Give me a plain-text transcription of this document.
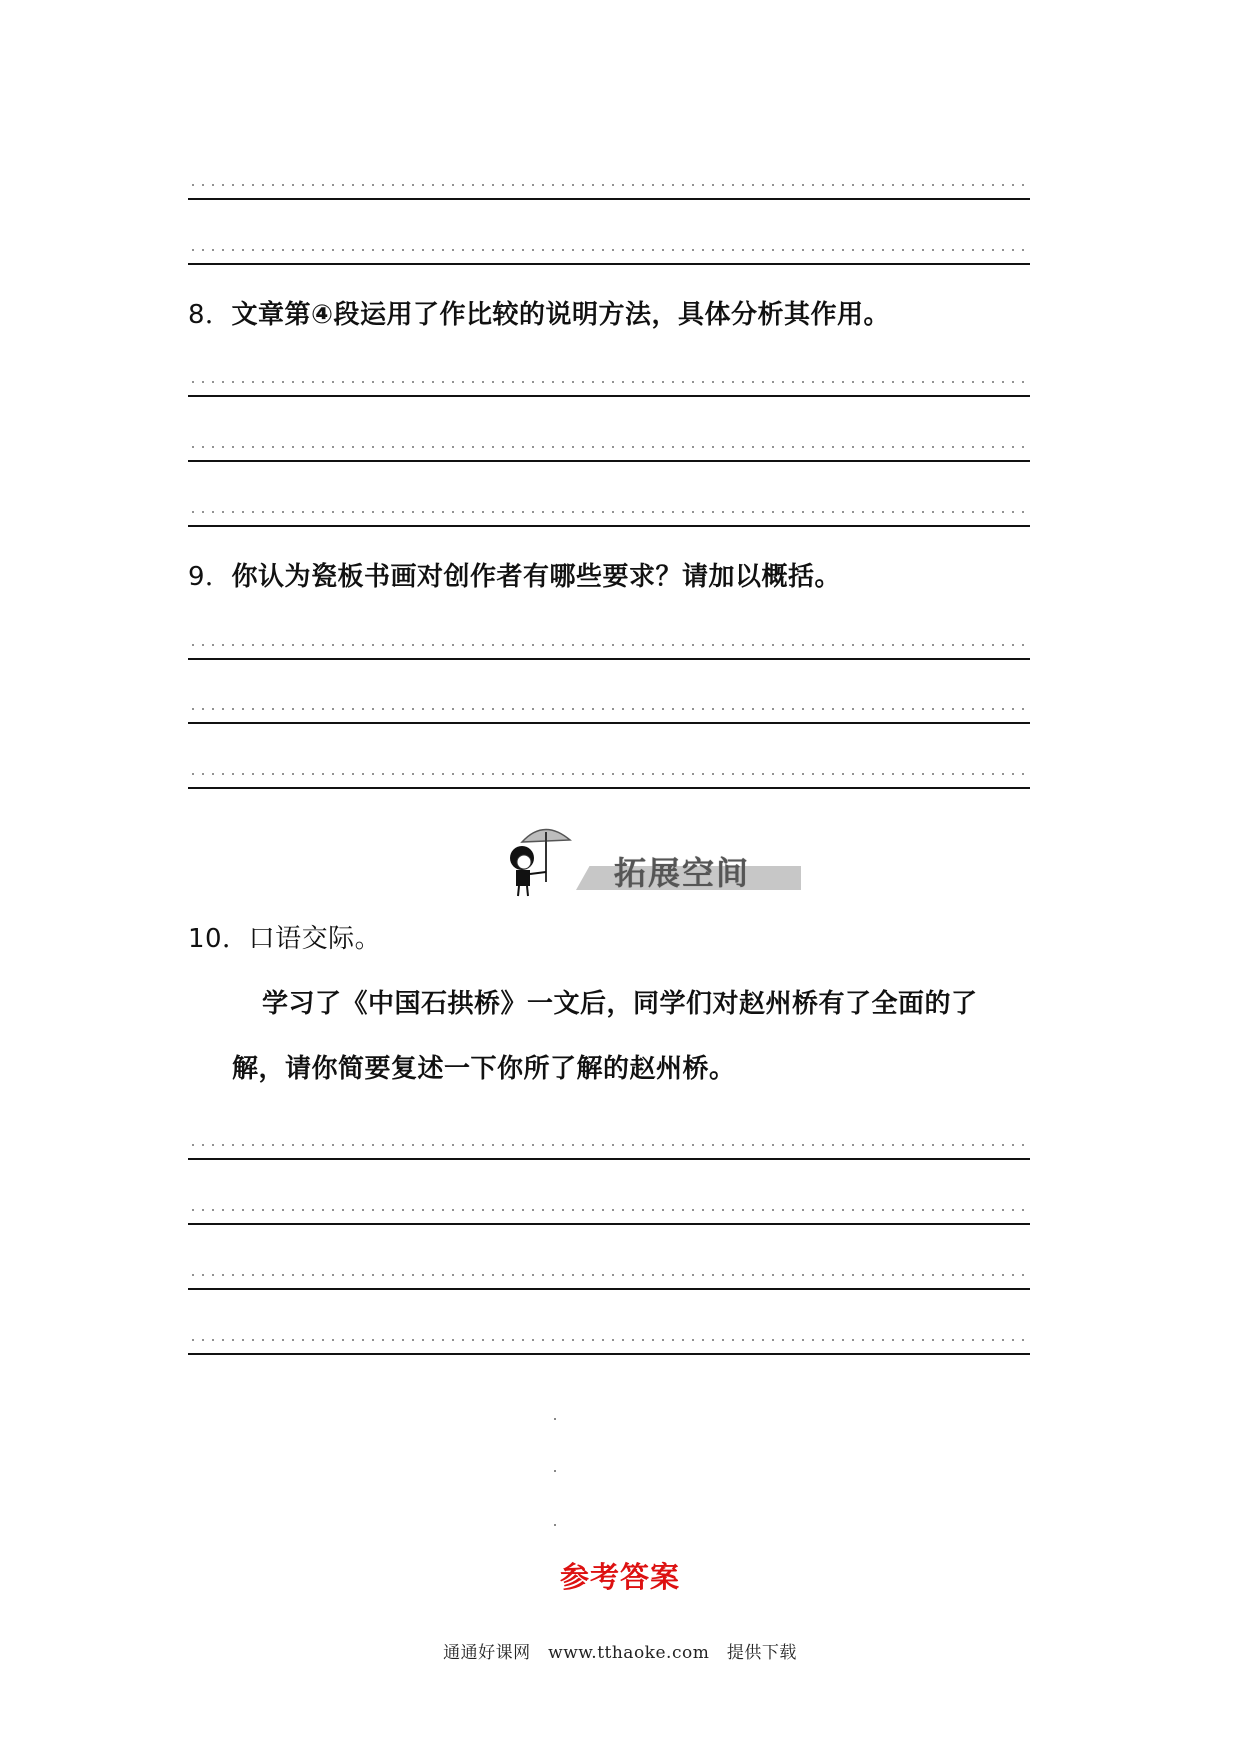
8．文章第④段运用了作比较的说明方法，具体分析其作用。
9．你认为瓷板书画对创作者有哪些要求？请加以概括。
拓展空间
10．口语交际。
学习了《中国石拱桥》一文后，同学们对赵州桥有了全面的了
解，请你简要复述一下你所了解的赵州桥。
参考答案
通通好课网　www.tthaoke.com　提供下载
